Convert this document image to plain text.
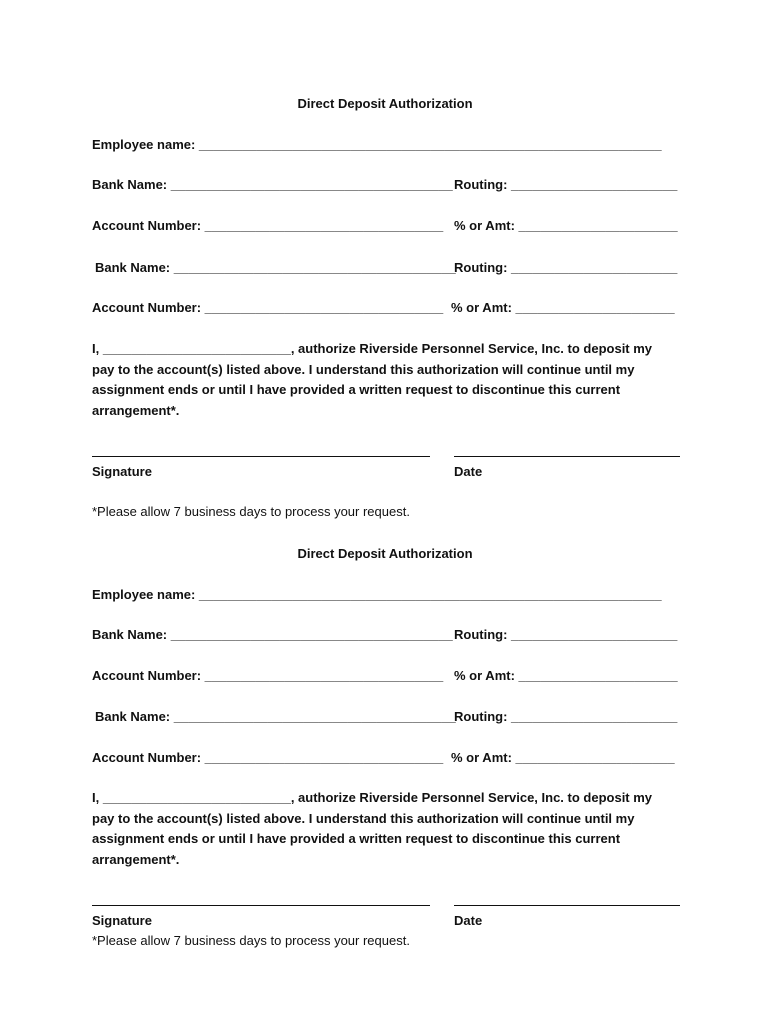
Direct Deposit Authorization
Employee name: ________________________________________________________________
Bank Name: _______________________________________ Routing: _______________________
Account Number: _________________________________ % or Amt: ______________________
Bank Name: _______________________________________
Routing: _______________________
Account Number: _________________________________ % or Amt: ______________________
I, __________________________, authorize Riverside Personnel Service, Inc. to deposit my pay to the account(s) listed above. I understand this authorization will continue until my assignment ends or until I have provided a written request to discontinue this current arrangement*.
Signature	Date
*Please allow 7 business days to process your request.
Direct Deposit Authorization
Employee name: ________________________________________________________________
Bank Name: _______________________________________ Routing: _______________________
Account Number: _________________________________ % or Amt: ______________________
Bank Name: _______________________________________
Routing: _______________________
Account Number: _________________________________ % or Amt: ______________________
I, __________________________, authorize Riverside Personnel Service, Inc. to deposit my pay to the account(s) listed above. I understand this authorization will continue until my assignment ends or until I have provided a written request to discontinue this current arrangement*.
Signature	Date
*Please allow 7 business days to process your request.
